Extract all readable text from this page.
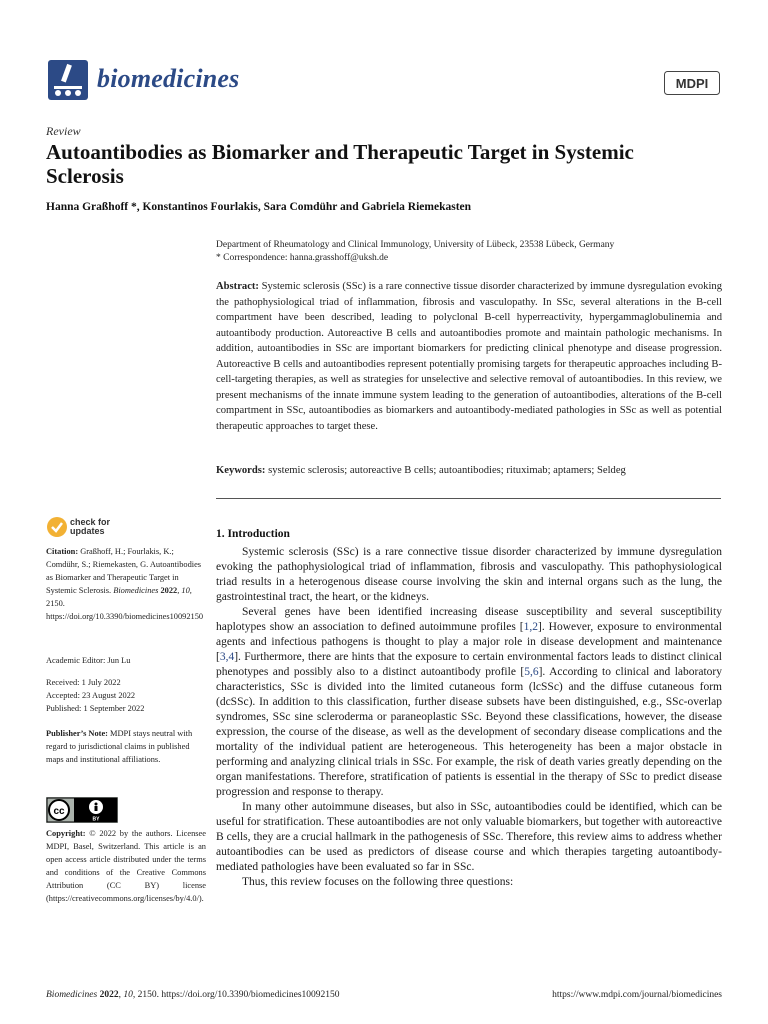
biomedicines	MDPI
Review
Autoantibodies as Biomarker and Therapeutic Target in Systemic Sclerosis
Hanna Graßhoff *, Konstantinos Fourlakis, Sara Comdühr and Gabriela Riemekasten
Department of Rheumatology and Clinical Immunology, University of Lübeck, 23538 Lübeck, Germany
* Correspondence: hanna.grasshoff@uksh.de
Abstract: Systemic sclerosis (SSc) is a rare connective tissue disorder characterized by immune dysregulation evoking the pathophysiological triad of inflammation, fibrosis and vasculopathy. In SSc, several alterations in the B-cell compartment have been described, leading to polyclonal B-cell hyperreactivity, hypergammaglobulinemia and autoantibody production. Autoreactive B cells and autoantibodies promote and maintain pathologic mechanisms. In addition, autoantibodies in SSc are important biomarkers for predicting clinical phenotype and disease progression. Autoreactive B cells and autoantibodies represent potentially promising targets for therapeutic approaches including B-cell-targeting therapies, as well as strategies for unselective and selective removal of autoantibodies. In this review, we present mechanisms of the innate immune system leading to the generation of autoantibodies, alterations of the B-cell compartment in SSc, autoantibodies as biomarkers and autoantibody-mediated pathologies in SSc as well as potential therapeutic approaches to target these.
Keywords: systemic sclerosis; autoreactive B cells; autoantibodies; rituximab; aptamers; Seldeg
check for
updates
Citation: Graßhoff, H.; Fourlakis, K.; Comdühr, S.; Riemekasten, G. Autoantibodies as Biomarker and Therapeutic Target in Systemic Sclerosis. Biomedicines 2022, 10, 2150. https://doi.org/10.3390/biomedicines10092150
Academic Editor: Jun Lu
Received: 1 July 2022
Accepted: 23 August 2022
Published: 1 September 2022
Publisher’s Note: MDPI stays neutral with regard to jurisdictional claims in published maps and institutional affiliations.
cc
BY
Copyright: © 2022 by the authors. Licensee MDPI, Basel, Switzerland. This article is an open access article distributed under the terms and conditions of the Creative Commons Attribution (CC BY) license (https://creativecommons.org/licenses/by/4.0/).
1. Introduction

Systemic sclerosis (SSc) is a rare connective tissue disorder characterized by immune dysregulation evoking the pathophysiological triad of inflammation, fibrosis and vasculopathy. This pathophysiological triad results in a heterogenous disease course involving the skin and internal organs such as the lung, the gastrointestinal tract, the heart, or the kidneys.

Several genes have been identified increasing disease susceptibility and several susceptibility haplotypes show an association to defined autoimmune profiles [1,2]. However, exposure to environmental agents and infectious pathogens is thought to play a major role in disease development and maintenance [3,4]. Furthermore, there are hints that the exposure to certain environmental factors leads to distinct clinical phenotypes and possibly also to a distinct autoantibody profile [5,6]. According to clinical and laboratory characteristics, SSc is divided into the limited cutaneous form (lcSSc) and the diffuse cutaneous form (dcSSc). In addition to this classification, further disease subsets have been distinguished, e.g., SSc-overlap syndromes, SSc sine scleroderma or paraneoplastic SSc. Beyond these classifications, however, the disease expression, the course of the disease, as well as the development of secondary disease complications and the mortality of the individual patient are heterogeneous. This heterogeneity has been a major obstacle in performing and analyzing clinical trials in SSc. For example, the risk of death varies greatly depending on the organ manifestations. Therefore, stratification of patients is essential in the therapy of SSc to predict disease progression and response to therapy.

In many other autoimmune diseases, but also in SSc, autoantibodies could be identified, which can be useful for stratification. These autoantibodies are not only valuable biomarkers, but together with autoreactive B cells, they are a crucial hallmark in the pathogenesis of SSc. Therefore, this review aims to address whether autoantibodies can be used as predictors of disease course and which therapies targeting autoantibody-mediated pathologies have been evaluated so far in SSc.

Thus, this review focuses on the following three questions:

Biomedicines 2022, 10, 2150. https://doi.org/10.3390/biomedicines10092150	https://www.mdpi.com/journal/biomedicines
